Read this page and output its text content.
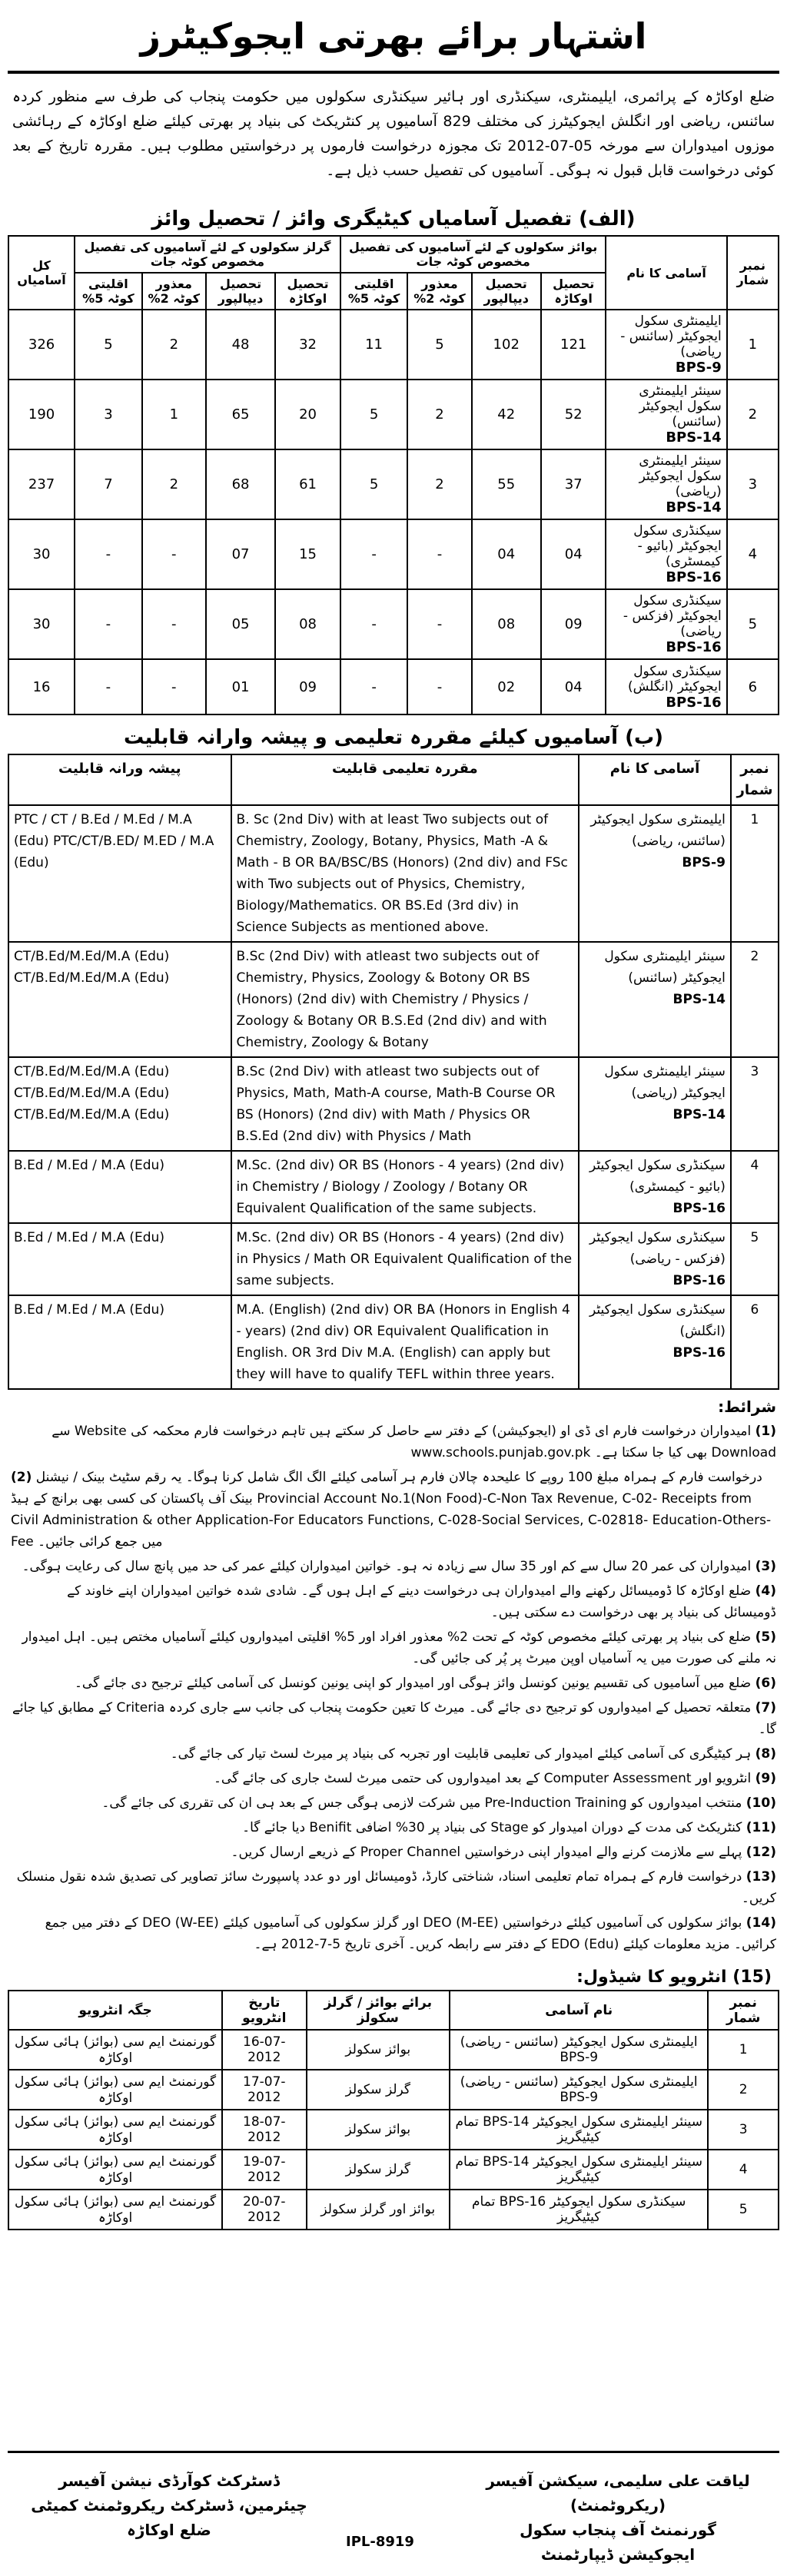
اشتہار برائے بھرتی ایجوکیٹرز
ضلع اوکاڑہ کے پرائمری، ایلیمنٹری، سیکنڈری اور ہائیر سیکنڈری سکولوں میں حکومت پنجاب کی طرف سے منظور کردہ سائنس، ریاضی اور انگلش ایجوکیٹرز کی مختلف 829 آسامیوں پر کنٹریکٹ کی بنیاد پر بھرتی کیلئے ضلع اوکاڑہ کے رہائشی موزوں امیدواران سے مورخہ 05-07-2012 تک مجوزہ درخواست فارموں پر درخواستیں مطلوب ہیں۔ مقررہ تاریخ کے بعد کوئی درخواست قابل قبول نہ ہوگی۔ آسامیوں کی تفصیل حسب ذیل ہے۔
(الف) تفصیل آسامیاں کیٹیگری وائز / تحصیل وائز
نمبر شمار	آسامی کا نام	بوائز سکولوں کے لئے آسامیوں کی تفصیل مخصوص کوٹہ جات				گرلز سکولوں کے لئے آسامیوں کی تفصیل مخصوص کوٹہ جات				کل آسامیاں
		تحصیل اوکاڑہ	تحصیل دیپالپور	معذور کوٹہ 2%	اقلیتی کوٹہ 5%	تحصیل اوکاڑہ	تحصیل دیپالپور	معذور کوٹہ 2%	اقلیتی کوٹہ 5%	
1	ایلیمنٹری سکول ایجوکیٹر (سائنس - ریاضی)
BPS-9	121	102	5	11	32	48	2	5	326
2	سینئر ایلیمنٹری سکول ایجوکیٹر (سائنس)
BPS-14	52	42	2	5	20	65	1	3	190
3	سینئر ایلیمنٹری سکول ایجوکیٹر (ریاضی)
BPS-14	37	55	2	5	61	68	2	7	237
4	سیکنڈری سکول ایجوکیٹر (بائیو - کیمسٹری)
BPS-16	04	04	-	-	15	07	-	-	30
5	سیکنڈری سکول ایجوکیٹر (فزکس - ریاضی)
BPS-16	09	08	-	-	08	05	-	-	30
6	سیکنڈری سکول ایجوکیٹر (انگلش)
BPS-16	04	02	-	-	09	01	-	-	16
(ب) آسامیوں کیلئے مقررہ تعلیمی و پیشہ وارانہ قابلیت
پیشہ ورانہ قابلیت	مقررہ تعلیمی قابلیت	آسامی کا نام	نمبر شمار
PTC / CT / B.Ed / M.Ed / M.A (Edu) PTC/CT/B.ED/ M.ED / M.A (Edu)	B. Sc (2nd Div) with at least Two subjects out of Chemistry, Zoology, Botany, Physics, Math -A & Math - B OR BA/BSC/BS (Honors) (2nd div) and FSc with Two subjects out of Physics, Chemistry, Biology/Mathematics. OR BS.Ed (3rd div) in Science Subjects as mentioned above.	ایلیمنٹری سکول ایجوکیٹر (سائنس، ریاضی)
BPS-9	1
CT/B.Ed/M.Ed/M.A (Edu) CT/B.Ed/M.Ed/M.A (Edu)	B.Sc (2nd Div) with atleast two subjects out of Chemistry, Physics, Zoology & Botony OR BS (Honors) (2nd div) with Chemistry / Physics / Zoology & Botany OR B.S.Ed (2nd div) and with Chemistry, Zoology & Botany	سینئر ایلیمنٹری سکول ایجوکیٹر (سائنس)
BPS-14	2
CT/B.Ed/M.Ed/M.A (Edu) CT/B.Ed/M.Ed/M.A (Edu) CT/B.Ed/M.Ed/M.A (Edu)	B.Sc (2nd Div) with atleast two subjects out of Physics, Math, Math-A course, Math-B Course OR BS (Honors) (2nd div) with Math / Physics OR B.S.Ed (2nd div) with Physics / Math	سینئر ایلیمنٹری سکول ایجوکیٹر (ریاضی)
BPS-14	3
B.Ed / M.Ed / M.A (Edu)	M.Sc. (2nd div) OR BS (Honors - 4 years) (2nd div) in Chemistry / Biology / Zoology / Botany OR Equivalent Qualification of the same subjects.	سیکنڈری سکول ایجوکیٹر (بائیو - کیمسٹری)
BPS-16	4
B.Ed / M.Ed / M.A (Edu)	M.Sc. (2nd div) OR BS (Honors - 4 years) (2nd div) in Physics / Math OR Equivalent Qualification of the same subjects.	سیکنڈری سکول ایجوکیٹر (فزکس - ریاضی)
BPS-16	5
B.Ed / M.Ed / M.A (Edu)	M.A. (English) (2nd div) OR BA (Honors in English 4 - years) (2nd div) OR Equivalent Qualification in English. OR 3rd Div M.A. (English) can apply but they will have to qualify TEFL within three years.	سیکنڈری سکول ایجوکیٹر (انگلش)
BPS-16	6
شرائط:
(1) امیدواران درخواست فارم ای ڈی او (ایجوکیشن) کے دفتر سے حاصل کر سکتے ہیں تاہم درخواست فارم محکمہ کی Website سے Download بھی کیا جا سکتا ہے۔ www.schools.punjab.gov.pk
(2) درخواست فارم کے ہمراہ مبلغ 100 روپے کا علیحدہ چالان فارم ہر آسامی کیلئے الگ الگ شامل کرنا ہوگا۔ یہ رقم سٹیٹ بینک / نیشنل بینک آف پاکستان کی کسی بھی برانچ کے ہیڈ Provincial Account No.1(Non Food)-C-Non Tax Revenue, C-02- Receipts from Civil Administration & other Application-For Educators Functions, C-028-Social Services, C-02818- Education-Others-Fee میں جمع کرائی جائیں۔
(3) امیدواران کی عمر 20 سال سے کم اور 35 سال سے زیادہ نہ ہو۔ خواتین امیدواران کیلئے عمر کی حد میں پانچ سال کی رعایت ہوگی۔
(4) ضلع اوکاڑہ کا ڈومیسائل رکھنے والے امیدواران ہی درخواست دینے کے اہل ہوں گے۔ شادی شدہ خواتین امیدواران اپنے خاوند کے ڈومیسائل کی بنیاد پر بھی درخواست دے سکتی ہیں۔
(5) ضلع کی بنیاد پر بھرتی کیلئے مخصوص کوٹہ کے تحت 2% معذور افراد اور 5% اقلیتی امیدواروں کیلئے آسامیاں مختص ہیں۔ اہل امیدوار نہ ملنے کی صورت میں یہ آسامیاں اوپن میرٹ پر پُر کی جائیں گی۔
(6) ضلع میں آسامیوں کی تقسیم یونین کونسل وائز ہوگی اور امیدوار کو اپنی یونین کونسل کی آسامی کیلئے ترجیح دی جائے گی۔
(7) متعلقہ تحصیل کے امیدواروں کو ترجیح دی جائے گی۔ میرٹ کا تعین حکومت پنجاب کی جانب سے جاری کردہ Criteria کے مطابق کیا جائے گا۔
(8) ہر کیٹیگری کی آسامی کیلئے امیدوار کی تعلیمی قابلیت اور تجربہ کی بنیاد پر میرٹ لسٹ تیار کی جائے گی۔
(9) انٹرویو اور Computer Assessment کے بعد امیدواروں کی حتمی میرٹ لسٹ جاری کی جائے گی۔
(10) منتخب امیدواروں کو Pre-Induction Training میں شرکت لازمی ہوگی جس کے بعد ہی ان کی تقرری کی جائے گی۔
(11) کنٹریکٹ کی مدت کے دوران امیدوار کو Stage کی بنیاد پر 30% اضافی Benifit دیا جائے گا۔
(12) پہلے سے ملازمت کرنے والے امیدوار اپنی درخواستیں Proper Channel کے ذریعے ارسال کریں۔
(13) درخواست فارم کے ہمراہ تمام تعلیمی اسناد، شناختی کارڈ، ڈومیسائل اور دو عدد پاسپورٹ سائز تصاویر کی تصدیق شدہ نقول منسلک کریں۔
(14) بوائز سکولوں کی آسامیوں کیلئے درخواستیں DEO (M-EE) اور گرلز سکولوں کی آسامیوں کیلئے DEO (W-EE) کے دفتر میں جمع کرائیں۔ مزید معلومات کیلئے EDO (Edu) کے دفتر سے رابطہ کریں۔ آخری تاریخ 5-7-2012 ہے۔
(15) انٹرویو کا شیڈول:
نمبر شمار	نام آسامی	برائے بوائز / گرلز سکولز	تاریخ انٹرویو	جگہ انٹرویو
1	ایلیمنٹری سکول ایجوکیٹر (سائنس - ریاضی) BPS-9	بوائز سکولز	16-07-2012	گورنمنٹ ایم سی (بوائز) ہائی سکول اوکاڑہ
2	ایلیمنٹری سکول ایجوکیٹر (سائنس - ریاضی) BPS-9	گرلز سکولز	17-07-2012	گورنمنٹ ایم سی (بوائز) ہائی سکول اوکاڑہ
3	سینئر ایلیمنٹری سکول ایجوکیٹر BPS-14 تمام کیٹیگریز	بوائز سکولز	18-07-2012	گورنمنٹ ایم سی (بوائز) ہائی سکول اوکاڑہ
4	سینئر ایلیمنٹری سکول ایجوکیٹر BPS-14 تمام کیٹیگریز	گرلز سکولز	19-07-2012	گورنمنٹ ایم سی (بوائز) ہائی سکول اوکاڑہ
5	سیکنڈری سکول ایجوکیٹر BPS-16 تمام کیٹیگریز	بوائز اور گرلز سکولز	20-07-2012	گورنمنٹ ایم سی (بوائز) ہائی سکول اوکاڑہ
لیاقت علی سلیمی، سیکشن آفیسر (ریکروٹمنٹ)
گورنمنٹ آف پنجاب سکول ایجوکیشن ڈیپارٹمنٹ
ڈسٹرکٹ کوآرڈی نیشن آفیسر
چیئرمین، ڈسٹرکٹ ریکروٹمنٹ کمیٹی ضلع اوکاڑہ
IPL-8919
